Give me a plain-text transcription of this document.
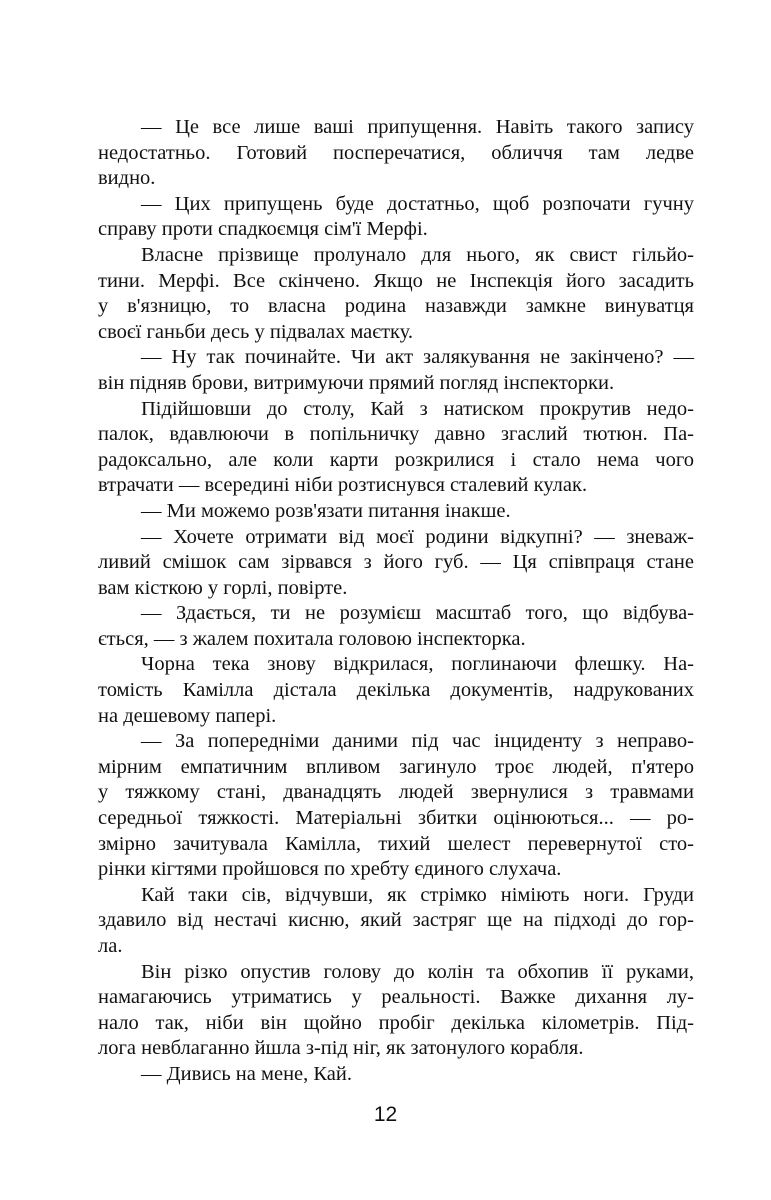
— Це все лише ваші припущення. Навіть такого запису
недостатньо. Готовий посперечатися, обличчя там ледве
видно.
— Цих припущень буде достатньо, щоб розпочати гучну
справу проти спадкоємця сім'ї Мерфі.
Власне прізвище пролунало для нього, як свист гільйо-
тини. Мерфі. Все скінчено. Якщо не Інспекція його засадить
у в'язницю, то власна родина назавжди замкне винуватця
своєї ганьби десь у підвалах маєтку.
— Ну так починайте. Чи акт залякування не закінчено? —
він підняв брови, витримуючи прямий погляд інспекторки.
Підійшовши до столу, Кай з натиском прокрутив недо-
палок, вдавлюючи в попільничку давно згаслий тютюн. Па-
радоксально, але коли карти розкрилися і стало нема чого
втрачати — всередині ніби розтиснувся сталевий кулак.
— Ми можемо розв'язати питання інакше.
— Хочете отримати від моєї родини відкупні? — зневаж-
ливий смішок сам зірвався з його губ. — Ця співпраця стане
вам кісткою у горлі, повірте.
— Здається, ти не розумієш масштаб того, що відбува-
ється, — з жалем похитала головою інспекторка.
Чорна тека знову відкрилася, поглинаючи флешку. На-
томість Камілла дістала декілька документів, надрукованих
на дешевому папері.
— За попередніми даними під час інциденту з неправо-
мірним емпатичним впливом загинуло троє людей, п'ятеро
у тяжкому стані, дванадцять людей звернулися з травмами
середньої тяжкості. Матеріальні збитки оцінюються... — ро-
змірно зачитувала Камілла, тихий шелест перевернутої сто-
рінки кігтями пройшовся по хребту єдиного слухача.
Кай таки сів, відчувши, як стрімко німіють ноги. Груди
здавило від нестачі кисню, який застряг ще на підході до гор-
ла.
Він різко опустив голову до колін та обхопив її руками,
намагаючись утриматись у реальності. Важке дихання лу-
нало так, ніби він щойно пробіг декілька кілометрів. Під-
лога невблаганно йшла з-під ніг, як затонулого корабля.
— Дивись на мене, Кай.
12
